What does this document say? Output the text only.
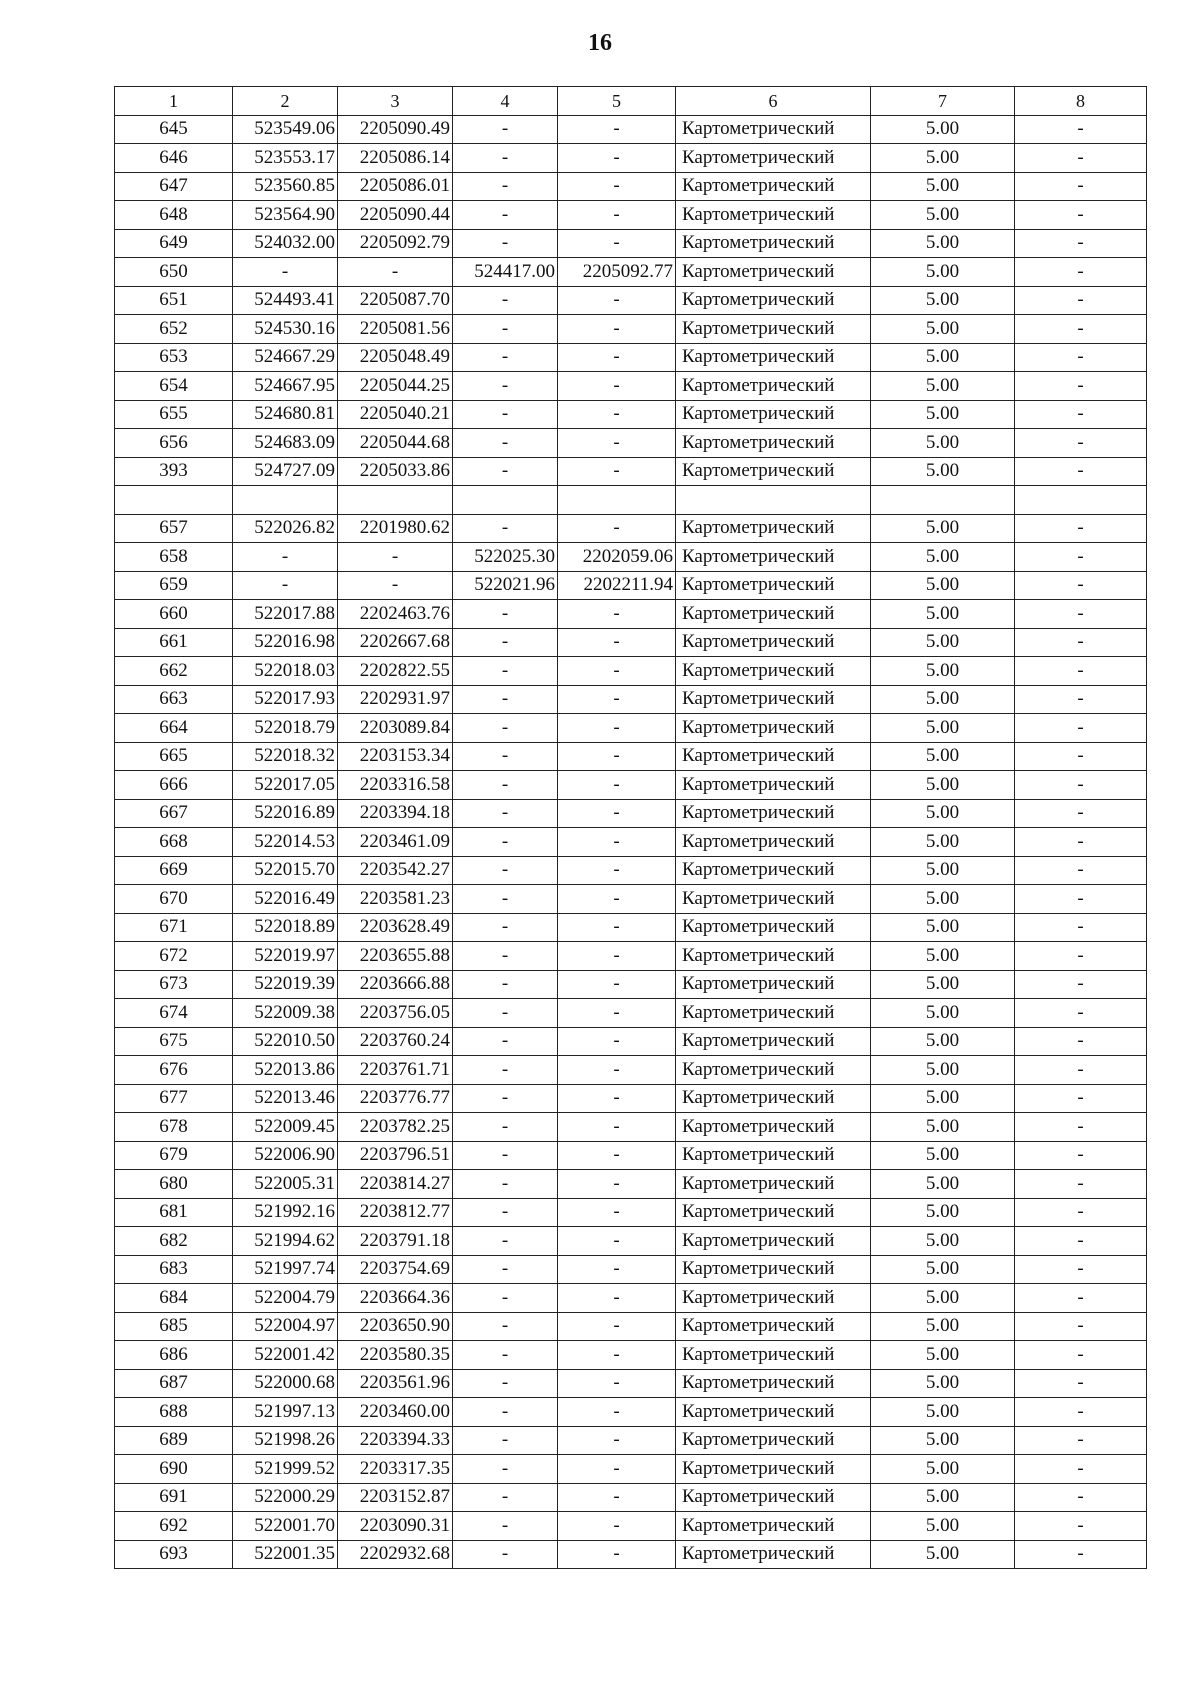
16
1	2	3	4	5	6	7	8
645	523549.06	2205090.49	-	-	Картометрический	5.00	-
646	523553.17	2205086.14	-	-	Картометрический	5.00	-
647	523560.85	2205086.01	-	-	Картометрический	5.00	-
648	523564.90	2205090.44	-	-	Картометрический	5.00	-
649	524032.00	2205092.79	-	-	Картометрический	5.00	-
650	-	-	524417.00	2205092.77	Картометрический	5.00	-
651	524493.41	2205087.70	-	-	Картометрический	5.00	-
652	524530.16	2205081.56	-	-	Картометрический	5.00	-
653	524667.29	2205048.49	-	-	Картометрический	5.00	-
654	524667.95	2205044.25	-	-	Картометрический	5.00	-
655	524680.81	2205040.21	-	-	Картометрический	5.00	-
656	524683.09	2205044.68	-	-	Картометрический	5.00	-
393	524727.09	2205033.86	-	-	Картометрический	5.00	-

657	522026.82	2201980.62	-	-	Картометрический	5.00	-
658	-	-	522025.30	2202059.06	Картометрический	5.00	-
659	-	-	522021.96	2202211.94	Картометрический	5.00	-
660	522017.88	2202463.76	-	-	Картометрический	5.00	-
661	522016.98	2202667.68	-	-	Картометрический	5.00	-
662	522018.03	2202822.55	-	-	Картометрический	5.00	-
663	522017.93	2202931.97	-	-	Картометрический	5.00	-
664	522018.79	2203089.84	-	-	Картометрический	5.00	-
665	522018.32	2203153.34	-	-	Картометрический	5.00	-
666	522017.05	2203316.58	-	-	Картометрический	5.00	-
667	522016.89	2203394.18	-	-	Картометрический	5.00	-
668	522014.53	2203461.09	-	-	Картометрический	5.00	-
669	522015.70	2203542.27	-	-	Картометрический	5.00	-
670	522016.49	2203581.23	-	-	Картометрический	5.00	-
671	522018.89	2203628.49	-	-	Картометрический	5.00	-
672	522019.97	2203655.88	-	-	Картометрический	5.00	-
673	522019.39	2203666.88	-	-	Картометрический	5.00	-
674	522009.38	2203756.05	-	-	Картометрический	5.00	-
675	522010.50	2203760.24	-	-	Картометрический	5.00	-
676	522013.86	2203761.71	-	-	Картометрический	5.00	-
677	522013.46	2203776.77	-	-	Картометрический	5.00	-
678	522009.45	2203782.25	-	-	Картометрический	5.00	-
679	522006.90	2203796.51	-	-	Картометрический	5.00	-
680	522005.31	2203814.27	-	-	Картометрический	5.00	-
681	521992.16	2203812.77	-	-	Картометрический	5.00	-
682	521994.62	2203791.18	-	-	Картометрический	5.00	-
683	521997.74	2203754.69	-	-	Картометрический	5.00	-
684	522004.79	2203664.36	-	-	Картометрический	5.00	-
685	522004.97	2203650.90	-	-	Картометрический	5.00	-
686	522001.42	2203580.35	-	-	Картометрический	5.00	-
687	522000.68	2203561.96	-	-	Картометрический	5.00	-
688	521997.13	2203460.00	-	-	Картометрический	5.00	-
689	521998.26	2203394.33	-	-	Картометрический	5.00	-
690	521999.52	2203317.35	-	-	Картометрический	5.00	-
691	522000.29	2203152.87	-	-	Картометрический	5.00	-
692	522001.70	2203090.31	-	-	Картометрический	5.00	-
693	522001.35	2202932.68	-	-	Картометрический	5.00	-
